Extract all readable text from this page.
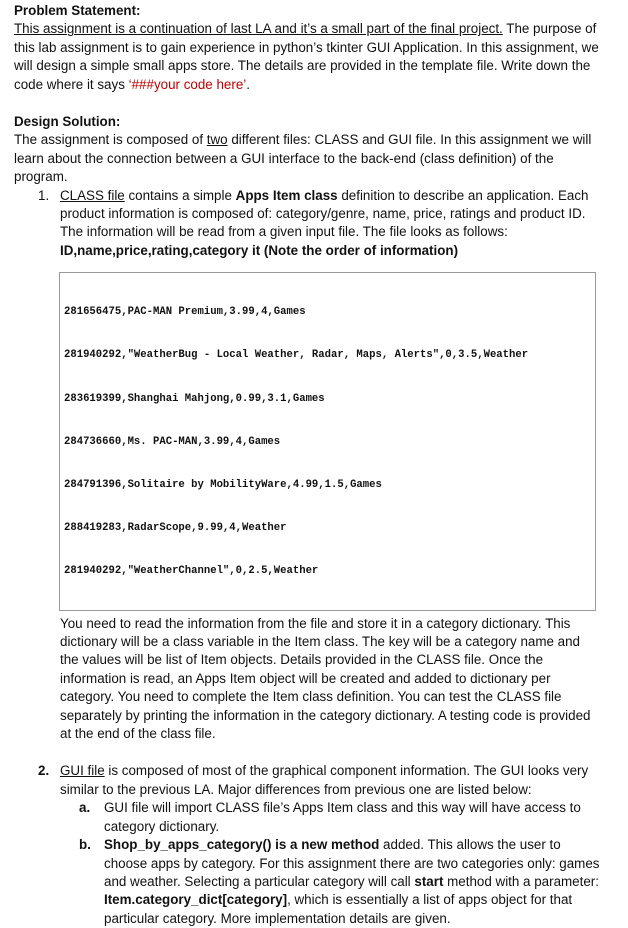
Problem Statement:
This assignment is a continuation of last LA and it’s a small part of the final project. The purpose of this lab assignment is to gain experience in python’s tkinter GUI Application. In this assignment, we will design a simple small apps store. The details are provided in the template file. Write down the code where it says ‘###your code here’.
Design Solution:
The assignment is composed of two different files: CLASS and GUI file. In this assignment we will learn about the connection between a GUI interface to the back-end (class definition) of the program.
1. CLASS file contains a simple Apps Item class definition to describe an application. Each product information is composed of: category/genre, name, price, ratings and product ID. The information will be read from a given input file. The file looks as follows: ID,name,price,rating,category it (Note the order of information)

281656475,PAC-MAN Premium,3.99,4,Games

281940292,"WeatherBug - Local Weather, Radar, Maps, Alerts",0,3.5,Weather

283619399,Shanghai Mahjong,0.99,3.1,Games

284736660,Ms. PAC-MAN,3.99,4,Games

284791396,Solitaire by MobilityWare,4.99,1.5,Games

288419283,RadarScope,9.99,4,Weather

281940292,"WeatherChannel",0,2.5,Weather

You need to read the information from the file and store it in a category dictionary. This dictionary will be a class variable in the Item class. The key will be a category name and the values will be list of Item objects. Details provided in the CLASS file. Once the information is read, an Apps Item object will be created and added to dictionary per category. You need to complete the Item class definition. You can test the CLASS file separately by printing the information in the category dictionary. A testing code is provided at the end of the class file.
2. GUI file is composed of most of the graphical component information. The GUI looks very similar to the previous LA. Major differences from previous one are listed below:
a. GUI file will import CLASS file’s Apps Item class and this way will have access to category dictionary.
b. Shop_by_apps_category() is a new method added. This allows the user to choose apps by category. For this assignment there are two categories only: games and weather. Selecting a particular category will call start method with a parameter: Item.category_dict[category], which is essentially a list of apps object for that particular category. More implementation details are given.
